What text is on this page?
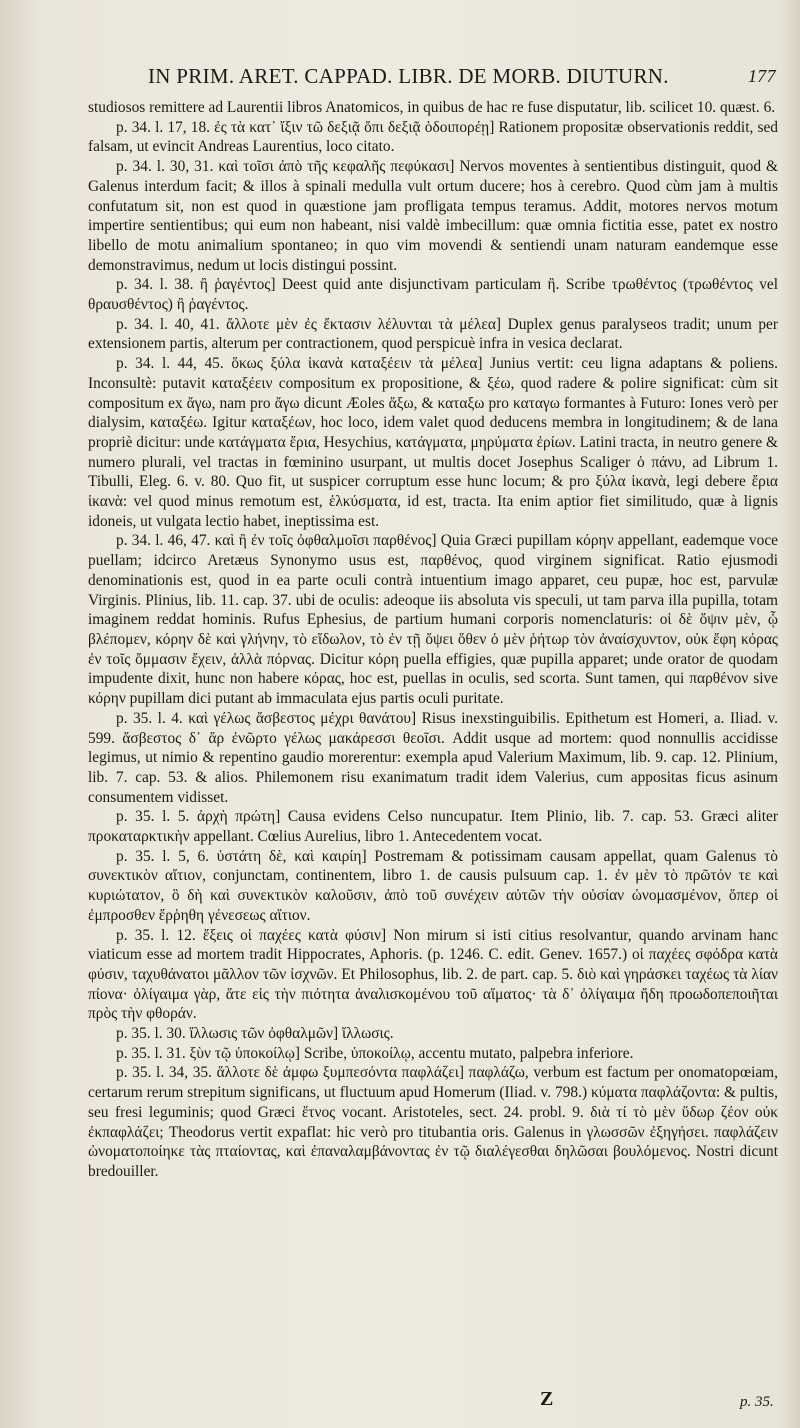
IN PRIM. ARET. CAPPAD. LIBR. DE MORB. DIUTURN.	177

studiosos remittere ad Laurentii libros Anatomicos, in quibus de hac re fuse disputatur, lib. scilicet 10. quæst. 6.

p. 34. l. 17, 18. ἐς τὰ κατ᾽ ἴξιν τῶ δεξιᾷ ὄπι δεξιᾷ ὁδοιπορέῃ] Rationem propositæ observationis reddit, sed falsam, ut evincit Andreas Laurentius, loco citato.

p. 34. l. 30, 31. καὶ τοῖσι ἀπὸ τῆς κεφαλῆς πεφύκασι] Nervos moventes à sentientibus distinguit, quod & Galenus interdum facit; & illos à spinali medulla vult ortum ducere; hos à cerebro. Quod cùm jam à multis confutatum sit, non est quod in quæstione jam profligata tempus teramus. Addit, motores nervos motum impertire sentientibus; qui eum non habeant, nisi valdè imbecillum: quæ omnia fictitia esse, patet ex nostro libello de motu animalium spontaneo; in quo vim movendi & sentiendi unam naturam eandemque esse demonstravimus, nedum ut locis distingui possint.

p. 34. l. 38. ἢ ῥαγέντος] Deest quid ante disjunctivam particulam ἢ. Scribe τρωθέντος (τρωθέντος vel θραυσθέντος) ἢ ῥαγέντος.

p. 34. l. 40, 41. ἄλλοτε μὲν ἐς ἔκτασιν λέλυνται τὰ μέλεα] Duplex genus paralyseos tradit; unum per extensionem partis, alterum per contractionem, quod perspicuè infra in vesica declarat.

p. 34. l. 44, 45. ὅκως ξύλα ἱκανὰ καταξέειν τὰ μέλεα] Junius vertit: ceu ligna adaptans & poliens. Inconsultè: putavit καταξέειν compositum ex propositione, & ξέω, quod radere & polire significat: cùm sit compositum ex ἄγω, nam pro ἄγω dicunt Æoles ἄξω, & καταξω pro καταγω formantes à Futuro: Iones verò per dialysim, καταξέω. Igitur καταξέων, hoc loco, idem valet quod deducens membra in longitudinem; & de lana propriè dicitur: unde κατάγματα ἔρια, Hesychius, κατάγματα, μηρύματα ἐρίων. Latini tracta, in neutro genere & numero plurali, vel tractas in fœminino usurpant, ut multis docet Josephus Scaliger ὁ πάνυ, ad Librum 1. Tibulli, Eleg. 6. v. 80. Quo fit, ut suspicer corruptum esse hunc locum; & pro ξύλα ἱκανὰ, legi debere ἔρια ἱκανὰ: vel quod minus remotum est, ἑλκύσματα, id est, tracta. Ita enim aptior fiet similitudo, quæ à lignis idoneis, ut vulgata lectio habet, ineptissima est.

p. 34. l. 46, 47. καὶ ἢ ἐν τοῖς ὀφθαλμοῖσι παρθένος] Quia Græci pupillam κόρην appellant, eademque voce puellam; idcirco Aretæus Synonymo usus est, παρθένος, quod virginem significat. Ratio ejusmodi denominationis est, quod in ea parte oculi contrà intuentium imago apparet, ceu pupæ, hoc est, parvulæ Virginis. Plinius, lib. 11. cap. 37. ubi de oculis: adeoque iis absoluta vis speculi, ut tam parva illa pupilla, totam imaginem reddat hominis. Rufus Ephesius, de partium humani corporis nomenclaturis: οἱ δὲ ὄψιν μὲν, ᾧ βλέπομεν, κόρην δὲ καὶ γλήνην, τὸ εἴδωλον, τὸ ἐν τῇ ὄψει ὅθεν ὁ μὲν ῥήτωρ τὸν ἀναίσχυντον, οὐκ ἔφη κόρας ἐν τοῖς ὄμμασιν ἔχειν, ἀλλὰ πόρνας. Dicitur κόρη puella effigies, quæ pupilla apparet; unde orator de quodam impudente dixit, hunc non habere κόρας, hoc est, puellas in oculis, sed scorta. Sunt tamen, qui παρθένον sive κόρην pupillam dici putant ab immaculata ejus partis oculi puritate.

p. 35. l. 4. καὶ γέλως ἄσβεστος μέχρι θανάτου] Risus inexstinguibilis. Epithetum est Homeri, a. Iliad. v. 599. ἄσβεστος δ᾽ ἄρ ἐνῶρτο γέλως μακάρεσσι θεοῖσι. Addit usque ad mortem: quod nonnullis accidisse legimus, ut nimio & repentino gaudio morerentur: exempla apud Valerium Maximum, lib. 9. cap. 12. Plinium, lib. 7. cap. 53. & alios. Philemonem risu exanimatum tradit idem Valerius, cum appositas ficus asinum consumentem vidisset.

p. 35. l. 5. ἀρχὴ πρώτη] Causa evidens Celso nuncupatur. Item Plinio, lib. 7. cap. 53. Græci aliter προκαταρκτικὴν appellant. Cœlius Aurelius, libro 1. Antecedentem vocat.

p. 35. l. 5, 6. ὑστάτη δὲ, καὶ καιρίη] Postremam & potissimam causam appellat, quam Galenus τὸ συνεκτικὸν αἴτιον, conjunctam, continentem, libro 1. de causis pulsuum cap. 1. ἐν μὲν τὸ πρῶτόν τε καὶ κυριώτατον, ὃ δὴ καὶ συνεκτικὸν καλοῦσιν, ἀπὸ τοῦ συνέχειν αὐτῶν τὴν οὐσίαν ὠνομασμένον, ὅπερ οἱ ἐμπροσθεν ἔρῥηθη γένεσεως αἴτιον.

p. 35. l. 12. ἔξεις οἱ παχέες κατὰ φύσιν] Non mirum si isti citius resolvantur, quando arvinam hanc viaticum esse ad mortem tradit Hippocrates, Aphoris. (p. 1246. C. edit. Genev. 1657.) οἱ παχέες σφόδρα κατὰ φύσιν, ταχυθάνατοι μᾶλλον τῶν ἰσχνῶν. Et Philosophus, lib. 2. de part. cap. 5. διὸ καὶ γηράσκει ταχέως τὰ λίαν πίονα· ὀλίγαιμα γὰρ, ἅτε εἰς τὴν πιότητα ἀναλισκομένου τοῦ αἵματος· τὰ δ᾽ ὀλίγαιμα ἤδη προωδοπεποιῆται πρὸς τὴν φθοράν.

p. 35. l. 30. ἴλλωσις τῶν ὀφθαλμῶν] ἴλλωσις.

p. 35. l. 31. ξὺν τῷ ὑποκοίλῳ] Scribe, ὑποκοίλῳ, accentu mutato, palpebra inferiore.

p. 35. l. 34, 35. ἄλλοτε δὲ ἀμφω ξυμπεσόντα παφλάζει] παφλάζω, verbum est factum per onomatopœiam, certarum rerum strepitum significans, ut fluctuum apud Homerum (Iliad. v. 798.) κύματα παφλάζοντα: & pultis, seu fresi leguminis; quod Græci ἔτνος vocant. Aristoteles, sect. 24. probl. 9. διὰ τί τὸ μὲν ὕδωρ ζέον οὐκ ἐκπαφλάζει; Theodorus vertit expaflat: hic verò pro titubantia oris. Galenus in γλωσσῶν ἐξηγήσει. παφλάζειν ὠνοματοποίηκε τὰς πταίοντας, καὶ ἐπαναλαμβάνοντας ἐν τῷ διαλέγεσθαι δηλῶσαι βουλόμενος. Nostri dicunt bredouiller.

Z	p. 35.
